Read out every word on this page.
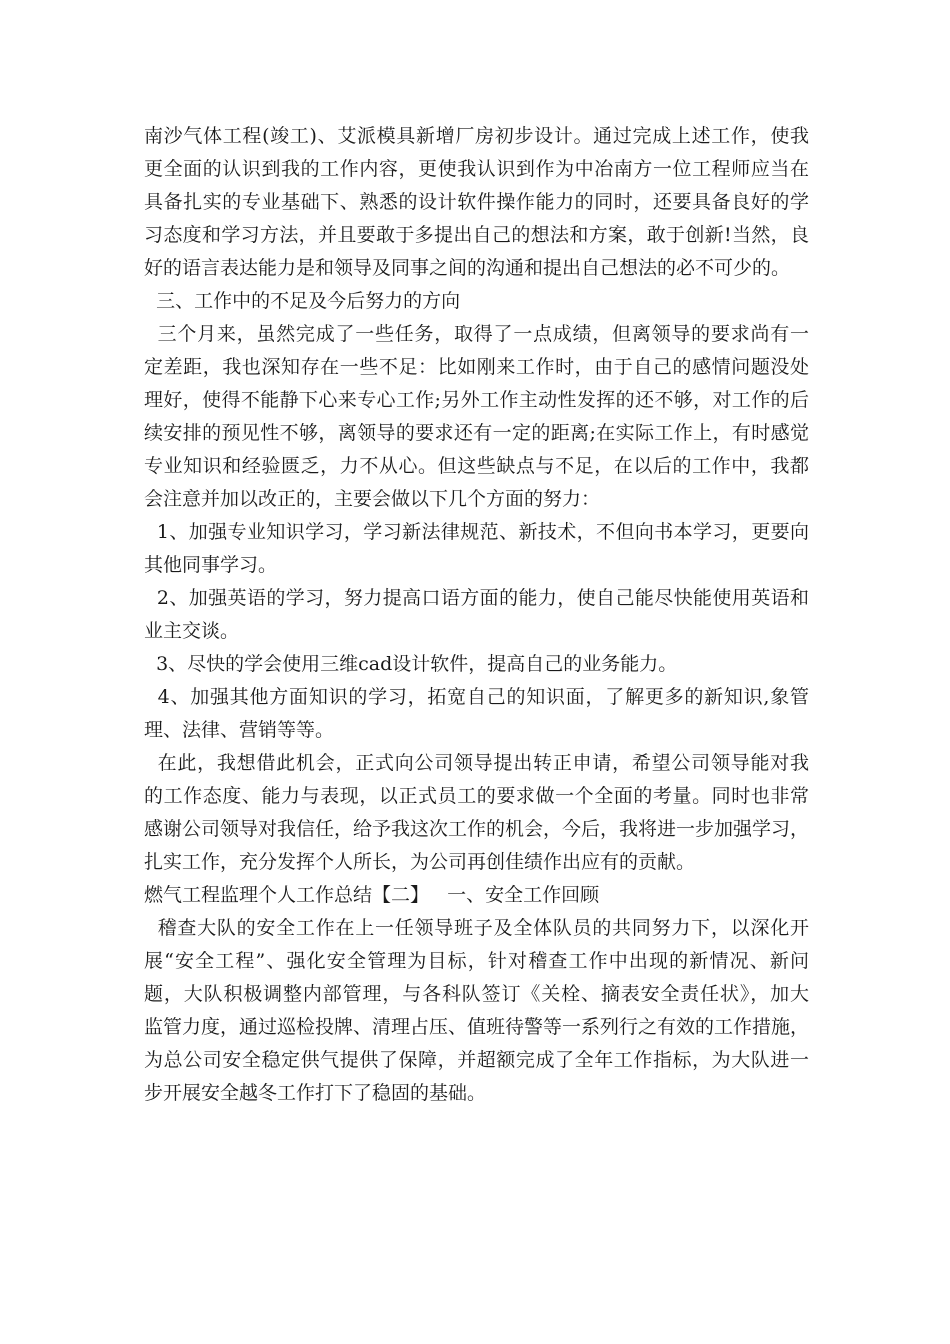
南沙气体工程(竣工)、艾派模具新增厂房初步设计。通过完成上述工作，使我
更全面的认识到我的工作内容，更使我认识到作为中冶南方一位工程师应当在
具备扎实的专业基础下、熟悉的设计软件操作能力的同时，还要具备良好的学
习态度和学习方法，并且要敢于多提出自己的想法和方案，敢于创新!当然，良
好的语言表达能力是和领导及同事之间的沟通和提出自己想法的必不可少的。
三、工作中的不足及今后努力的方向
三个月来，虽然完成了一些任务，取得了一点成绩，但离领导的要求尚有一
定差距，我也深知存在一些不足：比如刚来工作时，由于自己的感情问题没处
理好，使得不能静下心来专心工作;另外工作主动性发挥的还不够，对工作的后
续安排的预见性不够，离领导的要求还有一定的距离;在实际工作上，有时感觉
专业知识和经验匮乏，力不从心。但这些缺点与不足，在以后的工作中，我都
会注意并加以改正的，主要会做以下几个方面的努力：
1、加强专业知识学习，学习新法律规范、新技术，不但向书本学习，更要向
其他同事学习。
2、加强英语的学习，努力提高口语方面的能力，使自己能尽快能使用英语和
业主交谈。
3、尽快的学会使用三维cad设计软件，提高自己的业务能力。
4、加强其他方面知识的学习，拓宽自己的知识面，了解更多的新知识,象管
理、法律、营销等等。
在此，我想借此机会，正式向公司领导提出转正申请，希望公司领导能对我
的工作态度、能力与表现，以正式员工的要求做一个全面的考量。同时也非常
感谢公司领导对我信任，给予我这次工作的机会，今后，我将进一步加强学习，
扎实工作，充分发挥个人所长，为公司再创佳绩作出应有的贡献。
燃气工程监理个人工作总结【二】   一、安全工作回顾
稽查大队的安全工作在上一任领导班子及全体队员的共同努力下，以深化开
展“安全工程”、强化安全管理为目标，针对稽查工作中出现的新情况、新问
题，大队积极调整内部管理，与各科队签订《关栓、摘表安全责任状》，加大
监管力度，通过巡检投牌、清理占压、值班待警等一系列行之有效的工作措施，
为总公司安全稳定供气提供了保障，并超额完成了全年工作指标，为大队进一
步开展安全越冬工作打下了稳固的基础。
